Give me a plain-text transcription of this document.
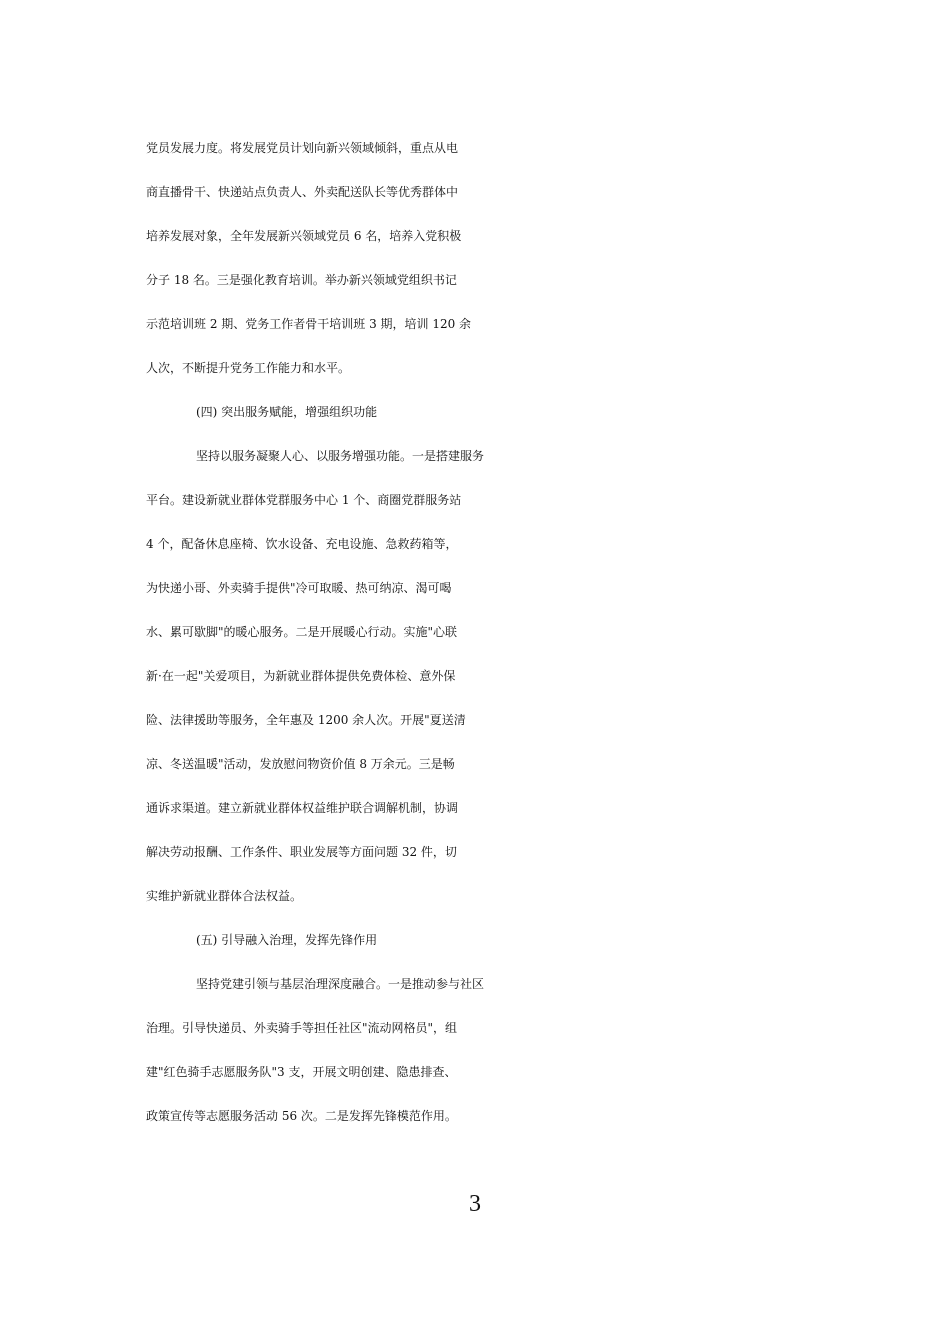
党员发展力度。将发展党员计划向新兴领域倾斜，重点从电

商直播骨干、快递站点负责人、外卖配送队长等优秀群体中

培养发展对象，全年发展新兴领域党员 6 名，培养入党积极

分子 18 名。三是强化教育培训。举办新兴领域党组织书记

示范培训班 2 期、党务工作者骨干培训班 3 期，培训 120 余

人次，不断提升党务工作能力和水平。

(四) 突出服务赋能，增强组织功能

坚持以服务凝聚人心、以服务增强功能。一是搭建服务

平台。建设新就业群体党群服务中心 1 个、商圈党群服务站

4 个，配备休息座椅、饮水设备、充电设施、急救药箱等，

为快递小哥、外卖骑手提供"冷可取暖、热可纳凉、渴可喝

水、累可歇脚"的暖心服务。二是开展暖心行动。实施"心联

新·在一起"关爱项目，为新就业群体提供免费体检、意外保

险、法律援助等服务，全年惠及 1200 余人次。开展"夏送清

凉、冬送温暖"活动，发放慰问物资价值 8 万余元。三是畅

通诉求渠道。建立新就业群体权益维护联合调解机制，协调

解决劳动报酬、工作条件、职业发展等方面问题 32 件，切

实维护新就业群体合法权益。

(五) 引导融入治理，发挥先锋作用

坚持党建引领与基层治理深度融合。一是推动参与社区

治理。引导快递员、外卖骑手等担任社区"流动网格员"，组

建"红色骑手志愿服务队"3 支，开展文明创建、隐患排查、

政策宣传等志愿服务活动 56 次。二是发挥先锋模范作用。

3
